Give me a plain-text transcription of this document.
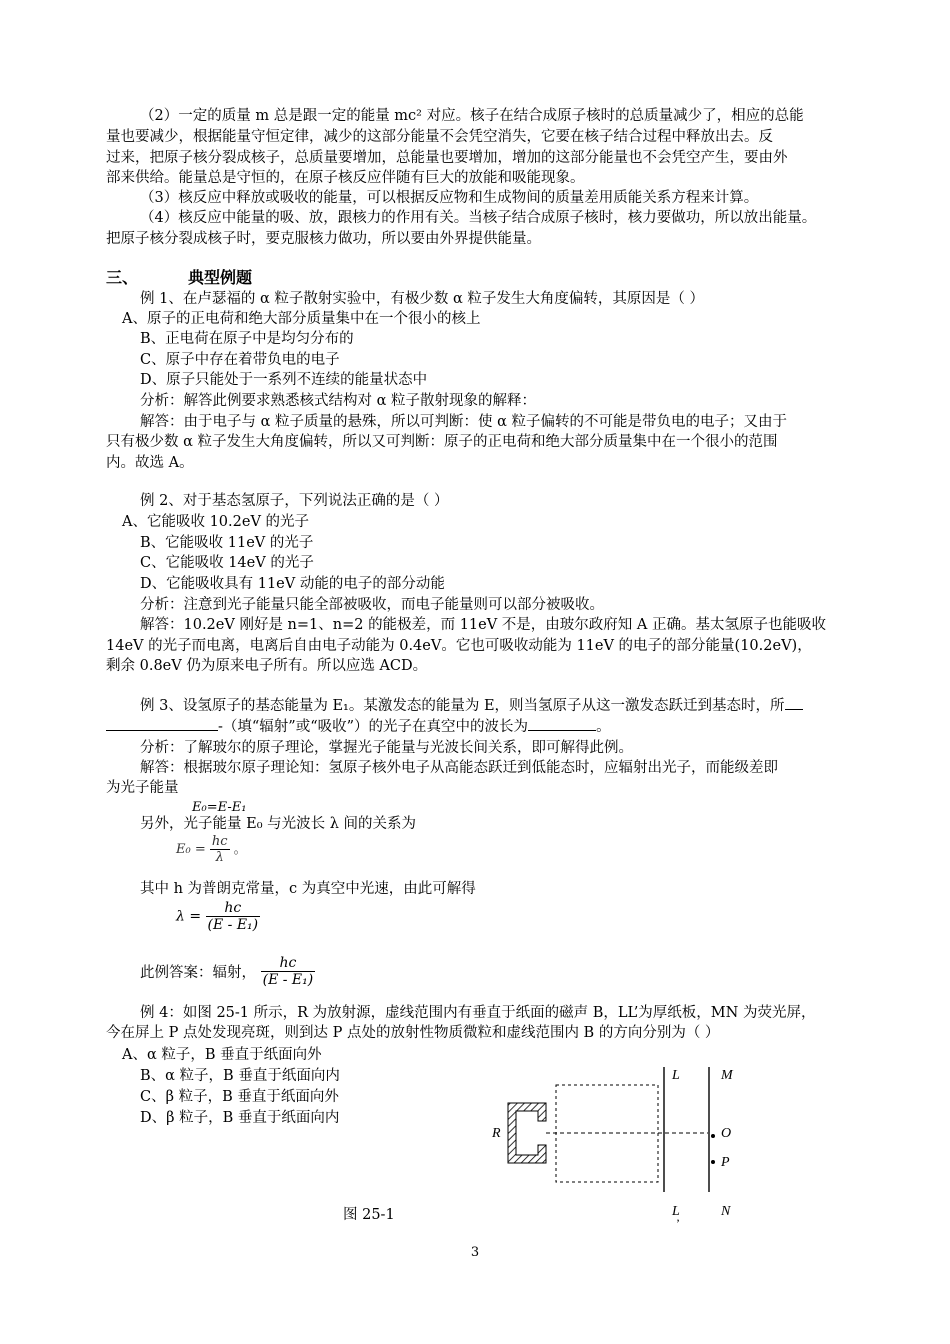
（2）一定的质量 m 总是跟一定的能量 mc² 对应。核子在结合成原子核时的总质量减少了，相应的总能
量也要减少，根据能量守恒定律，减少的这部分能量不会凭空消失，它要在核子结合过程中释放出去。反
过来，把原子核分裂成核子，总质量要增加，总能量也要增加，增加的这部分能量也不会凭空产生，要由外
部来供给。能量总是守恒的，在原子核反应伴随有巨大的放能和吸能现象。
（3）核反应中释放或吸收的能量，可以根据反应物和生成物间的质量差用质能关系方程来计算。
（4）核反应中能量的吸、放，跟核力的作用有关。当核子结合成原子核时，核力要做功，所以放出能量。
把原子核分裂成核子时，要克服核力做功，所以要由外界提供能量。
三、	典型例题
例 1、在卢瑟福的 α 粒子散射实验中，有极少数 α 粒子发生大角度偏转，其原因是（ ）
A、原子的正电荷和绝大部分质量集中在一个很小的核上
B、正电荷在原子中是均匀分布的
C、原子中存在着带负电的电子
D、原子只能处于一系列不连续的能量状态中
分析：解答此例要求熟悉核式结构对 α 粒子散射现象的解释：
解答：由于电子与 α 粒子质量的悬殊，所以可判断：使 α 粒子偏转的不可能是带负电的电子；又由于
只有极少数 α 粒子发生大角度偏转，所以又可判断：原子的正电荷和绝大部分质量集中在一个很小的范围
内。故选 A。
例 2、对于基态氢原子，下列说法正确的是（ ）
A、它能吸收 10.2eV 的光子
B、它能吸收 11eV 的光子
C、它能吸收 14eV 的光子
D、它能吸收具有 11eV 动能的电子的部分动能
分析：注意到光子能量只能全部被吸收，而电子能量则可以部分被吸收。
解答：10.2eV 刚好是 n=1、n=2 的能极差，而 11eV 不是，由玻尔政府知 A 正确。基太氢原子也能吸收
14eV 的光子而电离，电离后自由电子动能为 0.4eV。它也可吸收动能为 11eV 的电子的部分能量(10.2eV)，
剩余 0.8eV 仍为原来电子所有。所以应选 ACD。
例 3、设氢原子的基态能量为 E₁。某激发态的能量为 E，则当氢原子从这一激发态跃迁到基态时，所
-（填“辐射”或“吸收”）的光子在真空中的波长为	。
分析：了解玻尔的原子理论，掌握光子能量与光波长间关系，即可解得此例。
解答：根据玻尔原子理论知：氢原子核外电子从高能态跃迁到低能态时，应辐射出光子，而能级差即
为光子能量
E₀=E-E₁
另外，光子能量 E₀ 与光波长 λ 间的关系为
$E_0 = \frac{hc}{\lambda}$ 。
其中 h 为普朗克常量，c 为真空中光速，由此可解得
$\lambda = \frac{hc}{\text{(E - E₁)}}$
此例答案：辐射， $\frac{hc}{\text{(E - E₁)}}$
例 4：如图 25-1 所示，R 为放射源，虚线范围内有垂直于纸面的磁声 B，LL’为厚纸板，MN 为荧光屏，
今在屏上 P 点处发现亮斑，则到达 P 点处的放射性物质微粒和虚线范围内 B 的方向分别为（ ）
A、α 粒子，B 垂直于纸面向外
B、α 粒子，B 垂直于纸面向内
C、β 粒子，B 垂直于纸面向外
D、β 粒子，B 垂直于纸面向内
R
L	M
O
P
L
’
N
图 25-1
3
